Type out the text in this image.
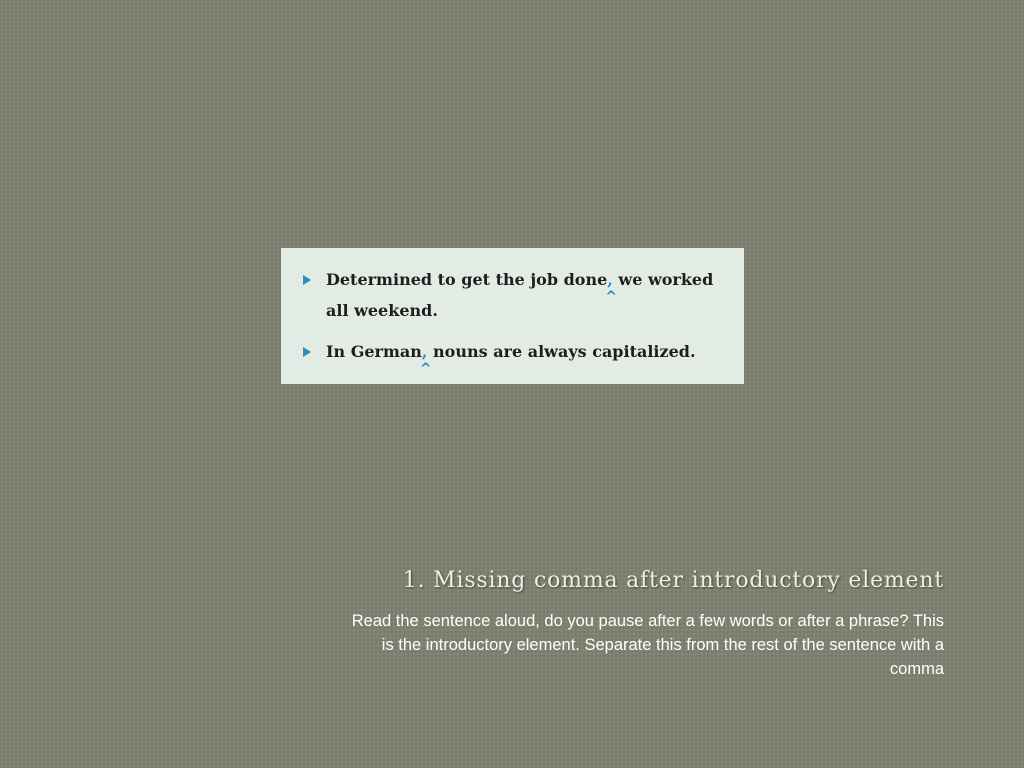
Determined to get the job done,
^
we worked all weekend.
In German,
^
nouns are always capitalized.
1. Missing comma after introductory element

Read the sentence aloud, do you pause after a few words or after a phrase? This is the introductory element. Separate this from the rest of the sentence with a comma
